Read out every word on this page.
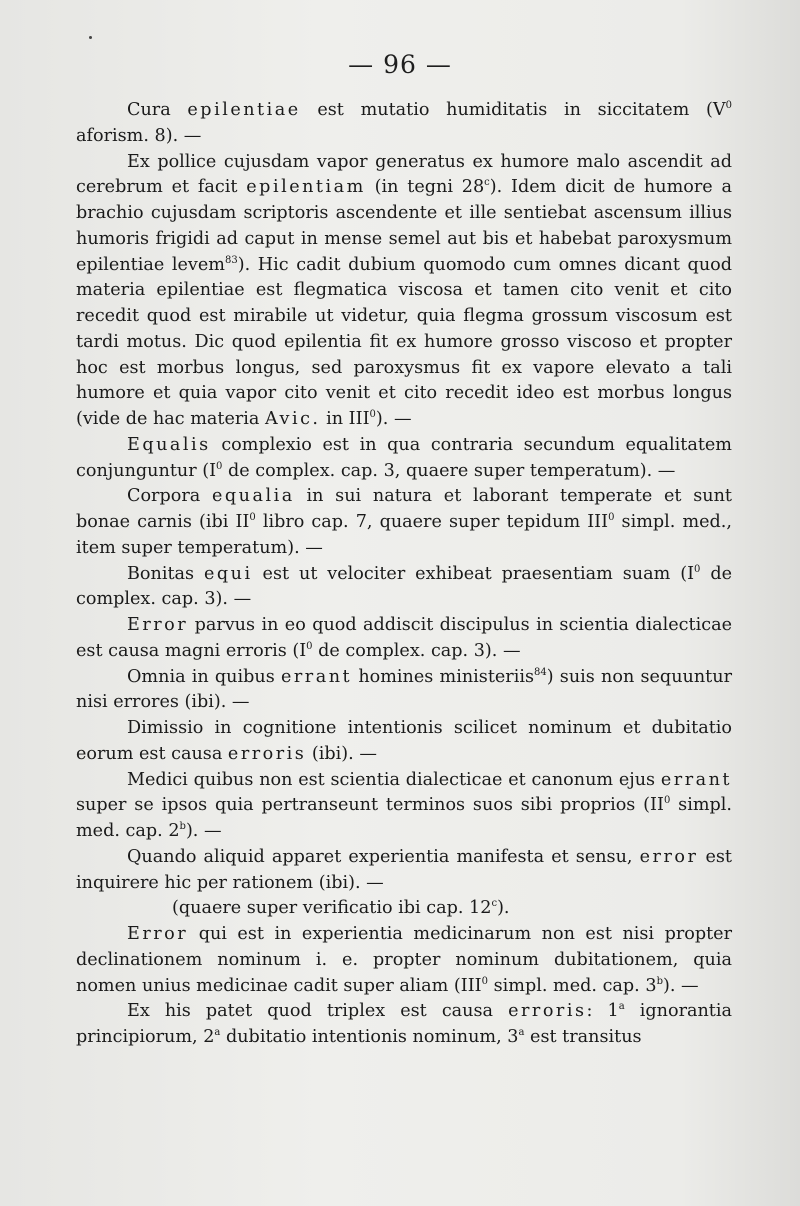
— 96 —

Cura epilentiae est mutatio humiditatis in siccitatem ($V^0$ aforism. 8). —

Ex pollice cujusdam vapor generatus ex humore malo ascendit ad cerebrum et facit epilentiam (in tegni 28$^c$). Idem dicit de humore a brachio cujusdam scriptoris ascendente et ille sentiebat ascensum illius humoris frigidi ad caput in mense semel aut bis et habebat paroxysmum epilentiae levem$^{83}$). Hic cadit dubium quomodo cum omnes dicant quod materia epilentiae est flegmatica viscosa et tamen cito venit et cito recedit quod est mirabile ut videtur, quia flegma grossum viscosum est tardi motus. Dic quod epilentia fit ex humore grosso viscoso et propter hoc est morbus longus, sed paroxysmus fit ex vapore elevato a tali humore et quia vapor cito venit et cito recedit ideo est morbus longus (vide de hac materia Avic. in III$^0$). —

Equalis complexio est in qua contraria secundum equalitatem conjunguntur ($I^0$ de complex. cap. 3, quaere super temperatum). —

Corpora equalia in sui natura et laborant temperate et sunt bonae carnis (ibi $II^0$ libro cap. 7, quaere super tepidum III$^0$ simpl. med., item super temperatum). —

Bonitas equi est ut velociter exhibeat praesentiam suam ($I^0$ de complex. cap. 3). —

Error parvus in eo quod addiscit discipulus in scientia dialecticae est causa magni erroris ($I^0$ de complex. cap. 3). —

Omnia in quibus errant homines ministeriis$^{84}$) suis non sequuntur nisi errores (ibi). —

Dimissio in cognitione intentionis scilicet nominum et dubitatio eorum est causa erroris (ibi). —

Medici quibus non est scientia dialecticae et canonum ejus errant super se ipsos quia pertranseunt terminos suos sibi proprios ($II^0$ simpl. med. cap. 2$^b$). —

Quando aliquid apparet experientia manifesta et sensu, error est inquirere hic per rationem (ibi). —

(quaere super verificatio ibi cap. 12$^c$).

Error qui est in experientia medicinarum non est nisi propter declinationem nominum i. e. propter nominum dubitationem, quia nomen unius medicinae cadit super aliam (III$^0$ simpl. med. cap. 3$^b$). —

Ex his patet quod triplex est causa erroris: 1$^a$ ignorantia principiorum, 2$^a$ dubitatio intentionis nominum, 3$^a$ est transitus
